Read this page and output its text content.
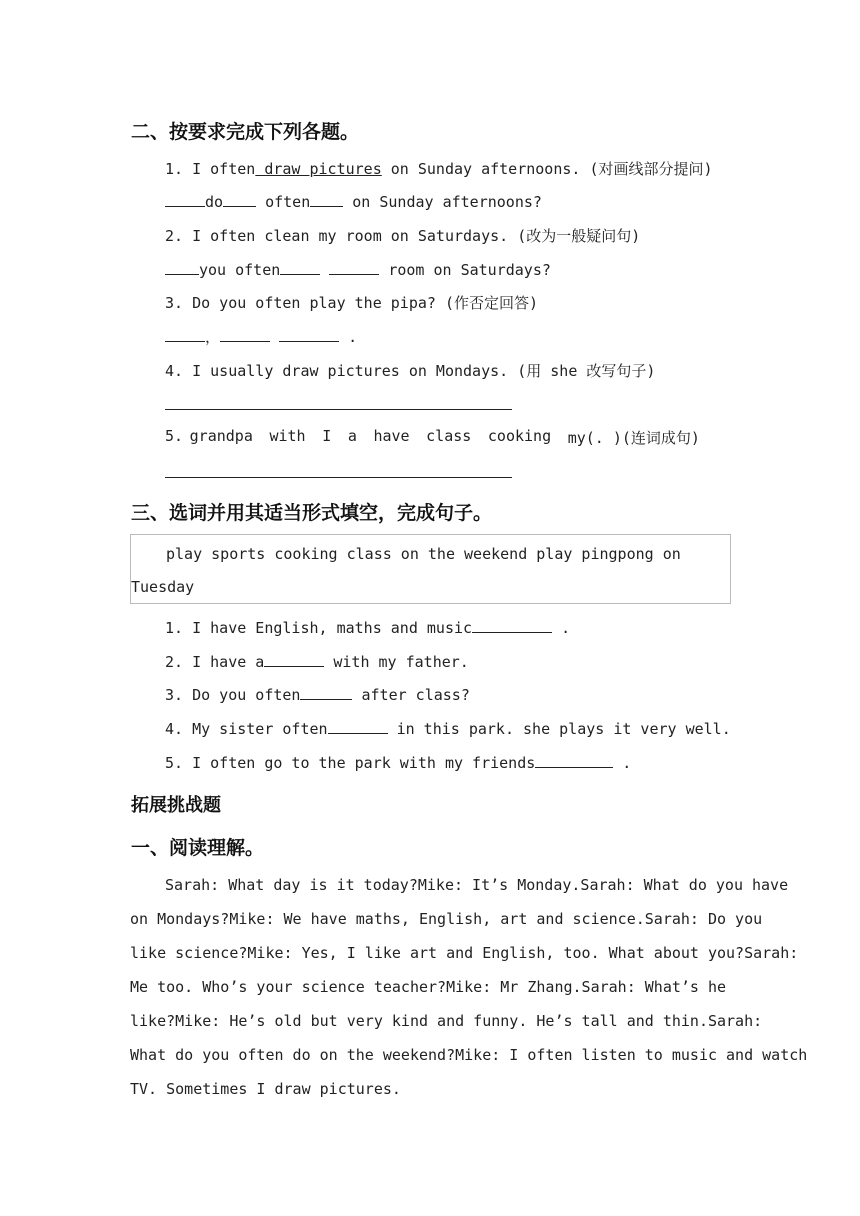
二、按要求完成下列各题。
1. I often draw pictures on Sunday afternoons. (对画线部分提问)
do often on Sunday afternoons?
2. I often clean my room on Saturdays. (改为一般疑问句)
you often	room on Saturdays?
3. Do you often play the pipa? (作否定回答)
，	.
4. I usually draw pictures on Mondays. (用 she 改写句子)
5. grandpa with I a have class cooking my(. )(连词成句)
三、选词并用其适当形式填空，完成句子。
play sports cooking class on the weekend play pingpong on
Tuesday
1. I have English, maths and music	.
2. I have a	with my father.
3. Do you often	after class?
4. My sister often	in this park. she plays it very well.
5. I often go to the park with my friends	.
拓展挑战题
一、阅读理解。
Sarah: What day is it today?Mike: It’s Monday.Sarah: What do you have
on Mondays?Mike: We have maths, English, art and science.Sarah: Do you
like science?Mike: Yes, I like art and English, too. What about you?Sarah:
Me too. Who’s your science teacher?Mike: Mr Zhang.Sarah: What’s he
like?Mike: He’s old but very kind and funny. He’s tall and thin.Sarah:
What do you often do on the weekend?Mike: I often listen to music and watch
TV. Sometimes I draw pictures.
